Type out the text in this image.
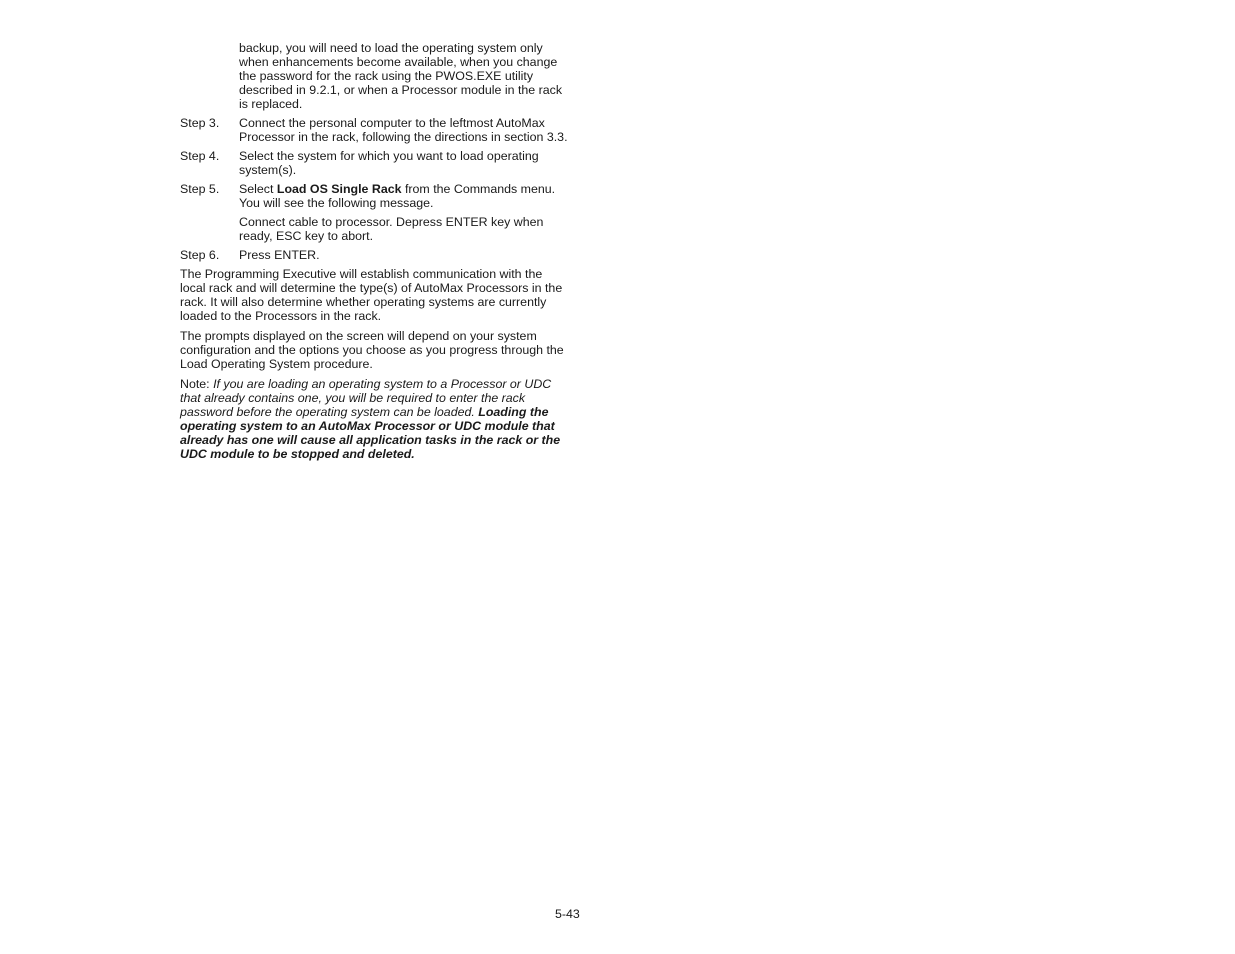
backup, you will need to load the operating system only when enhancements become available, when you change the password for the rack using the PWOS.EXE utility described in 9.2.1, or when a Processor module in the rack is replaced.
Step 3.	Connect the personal computer to the leftmost AutoMax Processor in the rack, following the directions in section 3.3.
Step 4.	Select the system for which you want to load operating system(s).
Step 5.	Select Load OS Single Rack from the Commands menu. You will see the following message.
Connect cable to processor. Depress ENTER key when ready, ESC key to abort.
Step 6.	Press ENTER.
The Programming Executive will establish communication with the local rack and will determine the type(s) of AutoMax Processors in the rack. It will also determine whether operating systems are currently loaded to the Processors in the rack.
The prompts displayed on the screen will depend on your system configuration and the options you choose as you progress through the Load Operating System procedure.
Note: If you are loading an operating system to a Processor or UDC that already contains one, you will be required to enter the rack password before the operating system can be loaded. Loading the operating system to an AutoMax Processor or UDC module that already has one will cause all application tasks in the rack or the UDC module to be stopped and deleted.
5-43
